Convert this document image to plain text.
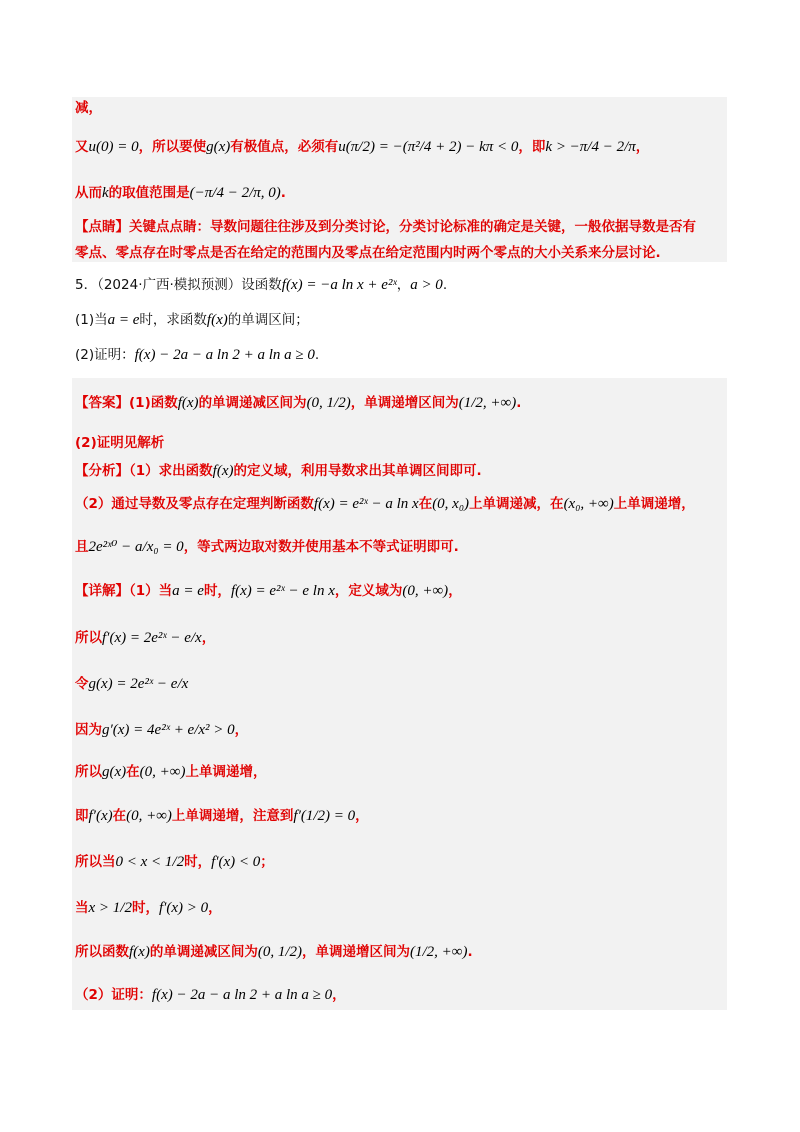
减，
又u(0) = 0，所以要使g(x)有极值点，必须有u(π/2) = −(π²/4 + 2) − kπ < 0，即k > −π/4 − 2/π，
从而k的取值范围是(−π/4 − 2/π, 0).
【点睛】关键点点睛：导数问题往往涉及到分类讨论，分类讨论标准的确定是关键，一般依据导数是否有
零点、零点存在时零点是否在给定的范围内及零点在给定范围内时两个零点的大小关系来分层讨论.
5．（2024·广西·模拟预测）设函数f(x) = −a ln x + e²ˣ，a > 0.
(1)当a = e时，求函数f(x)的单调区间；
(2)证明：f(x) − 2a − a ln 2 + a ln a ≥ 0.
【答案】(1)函数f(x)的单调递减区间为(0, 1/2)，单调递增区间为(1/2, +∞).
(2)证明见解析
【分析】（1）求出函数f(x)的定义域，利用导数求出其单调区间即可.
（2）通过导数及零点存在定理判断函数f(x) = e²ˣ − a ln x在(0, x₀)上单调递减，在(x₀, +∞)上单调递增，
且2e²ˣ⁰ − a/x₀ = 0，等式两边取对数并使用基本不等式证明即可.
【详解】（1）当a = e时，f(x) = e²ˣ − e ln x，定义域为(0, +∞)，
所以f′(x) = 2e²ˣ − e/x，
令g(x) = 2e²ˣ − e/x
因为g′(x) = 4e²ˣ + e/x² > 0，
所以g(x)在(0, +∞)上单调递增，
即f′(x)在(0, +∞)上单调递增，注意到f′(1/2) = 0，
所以当0 < x < 1/2时，f′(x) < 0；
当x > 1/2时，f′(x) > 0，
所以函数f(x)的单调递减区间为(0, 1/2)，单调递增区间为(1/2, +∞).
（2）证明：f(x) − 2a − a ln 2 + a ln a ≥ 0，
